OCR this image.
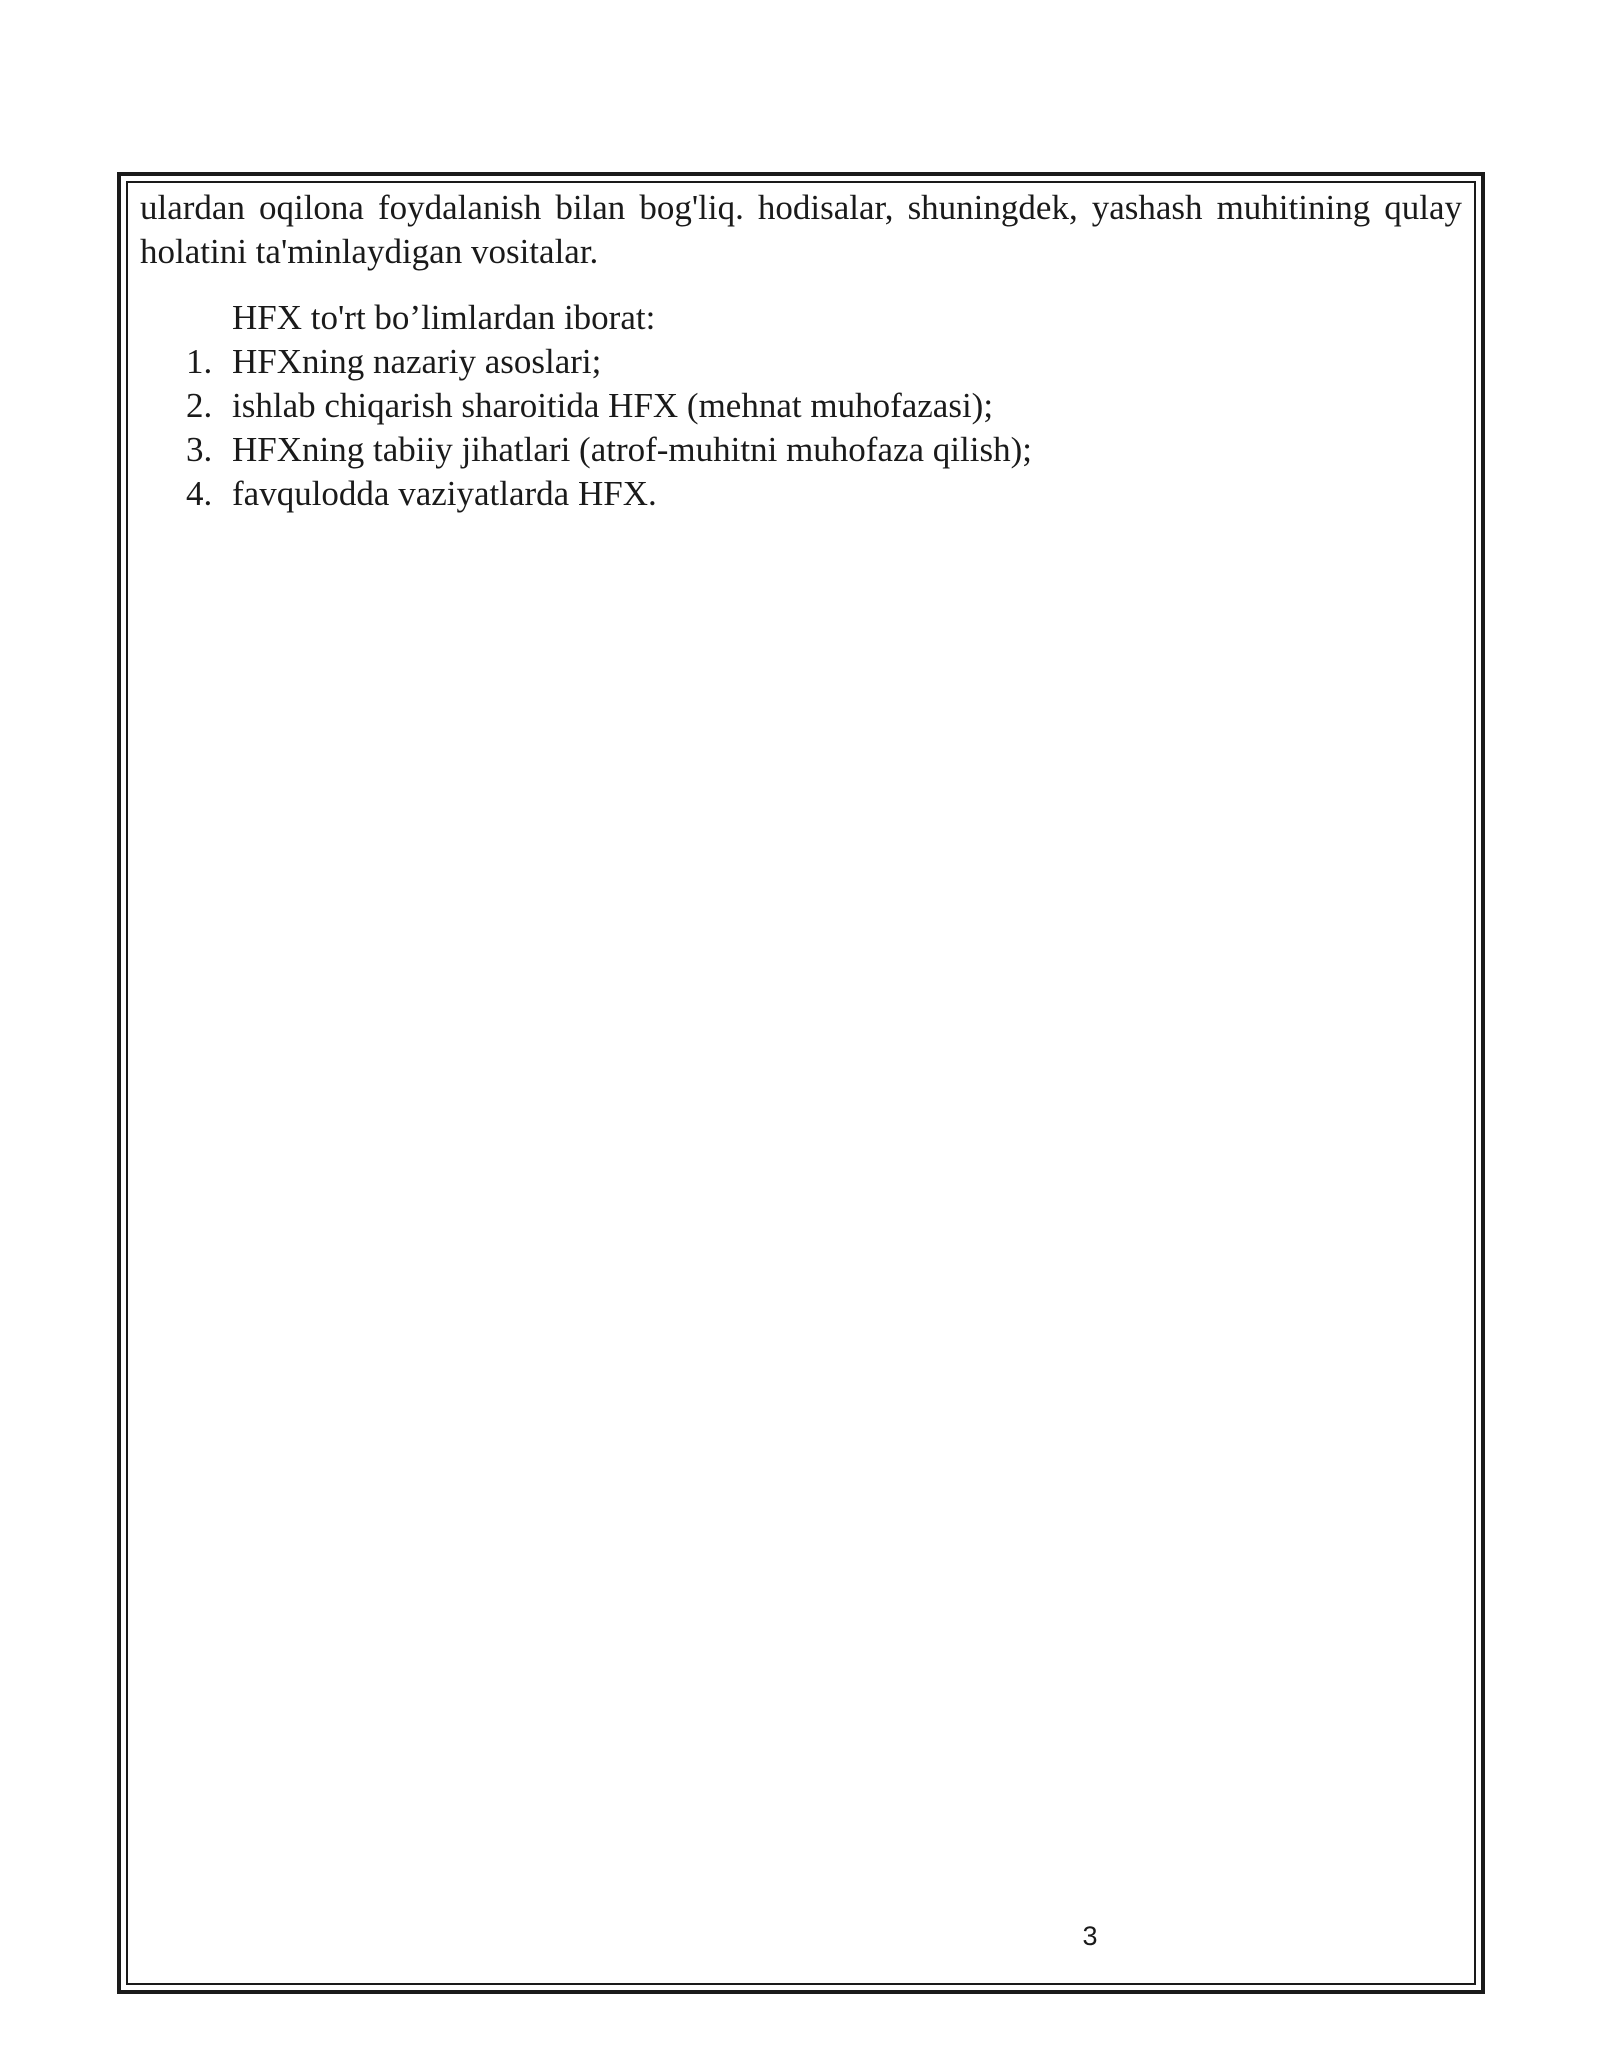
ulardan oqilona foydalanish bilan bog'liq. hodisalar, shuningdek, yashash muhitining qulay holatini ta'minlaydigan vositalar.

HFX to'rt bo’limlardan iborat:

1. HFXning nazariy asoslari;
2. ishlab chiqarish sharoitida HFX (mehnat muhofazasi);
3. HFXning tabiiy jihatlari (atrof-muhitni muhofaza qilish);
4. favqulodda vaziyatlarda HFX.
3
